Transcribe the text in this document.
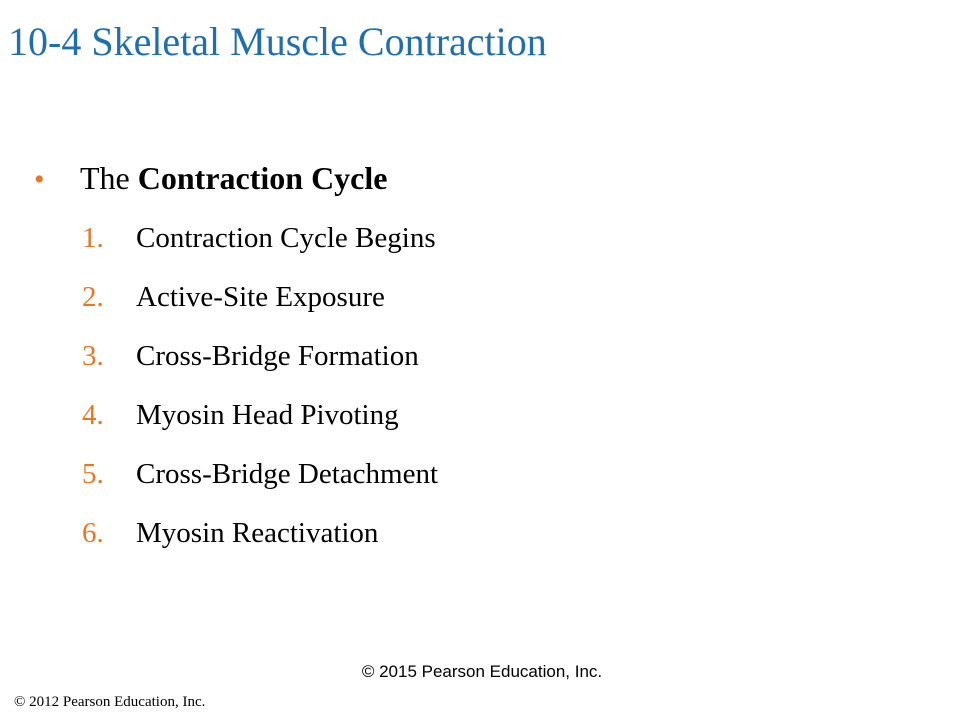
10-4 Skeletal Muscle Contraction
• The Contraction Cycle
1. Contraction Cycle Begins
2. Active-Site Exposure
3. Cross-Bridge Formation
4. Myosin Head Pivoting
5. Cross-Bridge Detachment
6. Myosin Reactivation
© 2015 Pearson Education, Inc.
© 2012 Pearson Education, Inc.
